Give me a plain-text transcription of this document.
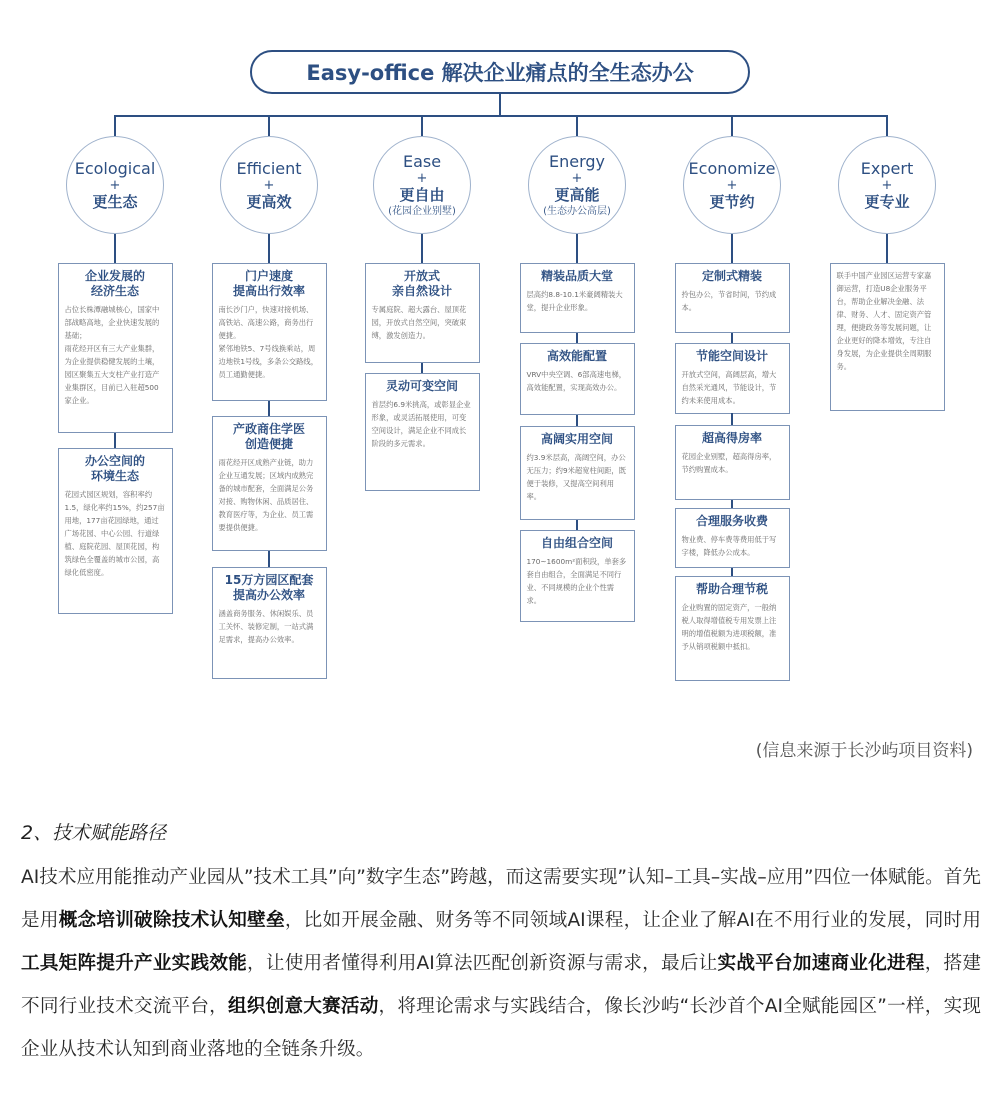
Easy-office 解决企业痛点的全生态办公
Ecological
+
更生态
企业发展的
经济生态
占位长株潭融城核心，国家中部战略高地，企业快速发展的基础；
雨花经开区有三大产业集群，为企业提供稳健发展的土壤，园区聚集五大支柱产业打造产业集群区，目前已入驻超500家企业。
办公空间的
环境生态
花园式园区规划，容积率约1.5，绿化率约15%，约257亩用地，177亩花园绿地，通过广场花园、中心公园、行道绿植、庭院花园、屋顶花园，构筑绿色全覆盖的城市公园，高绿化低密度。
Efficient
+
更高效
门户速度
提高出行效率
南长沙门户，快速对接机场、高铁站、高速公路，商务出行便捷。
紧邻地铁5、7号线换乘站，周边地铁1号线，多条公交路线，员工通勤便捷。
产政商住学医
创造便捷
雨花经开区成熟产业链，助力企业互通发展；区域内成熟完备的城市配套，全面满足公务对接、购物休闲、品质居住、教育医疗等，为企业、员工需要提供便捷。
15万方园区配套
提高办公效率
涵盖商务服务、休闲娱乐、员工关怀、装修定制，一站式满足需求，提高办公效率。
Ease
+
更自由
(花园企业别墅)
开放式
亲自然设计
专属庭院、超大露台、屋顶花园，开放式自然空间，突破束缚，激发创造力。
灵动可变空间
首层约6.9米挑高，或彰显企业形象，或灵活拓展使用，可变空间设计，满足企业不同成长阶段的多元需求。
Energy
+
更高能
(生态办公高层)
精装品质大堂
层高约8.8-10.1米豪阔精装大堂，提升企业形象。
高效能配置
VRV中央空调、6部高速电梯，高效能配置，实现高效办公。
高阔实用空间
约3.9米层高，高阔空间，办公无压力；约9米超宽柱间距，既便于装修，又提高空间利用率。
自由组合空间
170~1600m²面积段，单套多套自由组合，全面满足不同行业、不同规模的企业个性需求。
Economize
+
更节约
定制式精装
拎包办公，节省时间，节约成本。
节能空间设计
开放式空间，高阔层高，增大自然采光通风，节能设计，节约未来使用成本。
超高得房率
花园企业别墅，超高得房率，节约购置成本。
合理服务收费
物业费、停车费等费用低于写字楼，降低办公成本。
帮助合理节税
企业购置的固定资产，一般纳税人取得增值税专用发票上注明的增值税额为进项税额，准予从销项税额中抵扣。
Expert
+
更专业
联手中国产业园区运营专家嘉御运营，打造U8企业服务平台，帮助企业解决金融、法律、财务、人才、固定资产管理，便捷政务等发展问题，让企业更好的降本增效，专注自身发展，为企业提供全周期服务。
(信息来源于长沙屿项目资料)
2、技术赋能路径
AI技术应用能推动产业园从”技术工具”向”数字生态”跨越，而这需要实现”认知–工具–实战–应用”四位一体赋能。首先是用概念培训破除技术认知壁垒，比如开展金融、财务等不同领域AI课程，让企业了解AI在不用行业的发展，同时用工具矩阵提升产业实践效能，让使用者懂得利用AI算法匹配创新资源与需求，最后让实战平台加速商业化进程，搭建不同行业技术交流平台，组织创意大赛活动，将理论需求与实践结合，像长沙屿“长沙首个AI全赋能园区”一样，实现企业从技术认知到商业落地的全链条升级。
